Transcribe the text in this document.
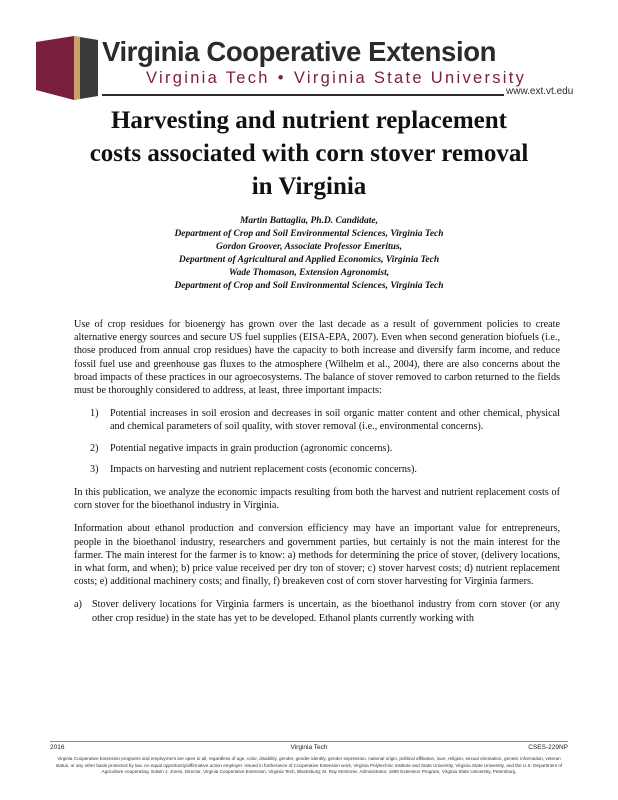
Virginia Cooperative Extension
Virginia Tech • Virginia State University
www.ext.vt.edu
Harvesting and nutrient replacement
costs associated with corn stover removal
in Virginia
Martin Battaglia, Ph.D. Candidate,
Department of Crop and Soil Environmental Sciences, Virginia Tech
Gordon Groover, Associate Professor Emeritus,
Department of Agricultural and Applied Economics, Virginia Tech
Wade Thomason, Extension Agronomist,
Department of Crop and Soil Environmental Sciences, Virginia Tech

Use of crop residues for bioenergy has grown over the last decade as a result of government policies to create alternative energy sources and secure US fuel supplies (EISA-EPA, 2007). Even when second generation biofuels (i.e., those produced from annual crop residues) have the capacity to both increase and diversify farm income, and reduce fossil fuel use and greenhouse gas fluxes to the atmosphere (Wilhelm et al., 2004), there are also concerns about the broad impacts of these practices in our agroecosystems. The balance of stover removed to carbon returned to the fields must be thoroughly considered to address, at least, three important impacts:

1) Potential increases in soil erosion and decreases in soil organic matter content and other chemical, physical and chemical parameters of soil quality, with stover removal (i.e., environmental concerns).
2) Potential negative impacts in grain production (agronomic concerns).
3) Impacts on harvesting and nutrient replacement costs (economic concerns).

In this publication, we analyze the economic impacts resulting from both the harvest and nutrient replacement costs of corn stover for the bioethanol industry in Virginia.

Information about ethanol production and conversion efficiency may have an important value for entrepreneurs, people in the bioethanol industry, researchers and government parties, but certainly is not the main interest for the farmer. The main interest for the farmer is to know: a) methods for determining the price of stover, (delivery locations, in what form, and when); b) price value received per dry ton of stover; c) stover harvest costs; d) nutrient replacement costs; e) additional machinery costs; and finally, f) breakeven cost of corn stover harvesting for Virginia farmers.

a) Stover delivery locations for Virginia farmers is uncertain, as the bioethanol industry from corn stover (or any other crop residue) in the state has yet to be developed. Ethanol plants currently working with

Virginia Tech
2016	CSES-229NP
Virginia Cooperative Extension programs and employment are open to all, regardless of age, color, disability, gender, gender identity, gender expression, national origin, political affiliation, race, religion, sexual orientation, genetic information, veteran status, or any other basis protected by law. An equal opportunity/affirmative action employer. Issued in furtherance of Cooperative Extension work, Virginia Polytechnic Institute and State University, Virginia State University, and the U.S. Department of Agriculture cooperating. Edwin J. Jones, Director, Virginia Cooperative Extension, Virginia Tech, Blacksburg; M. Ray McKinnie, Administrator, 1890 Extension Program, Virginia State University, Petersburg.
